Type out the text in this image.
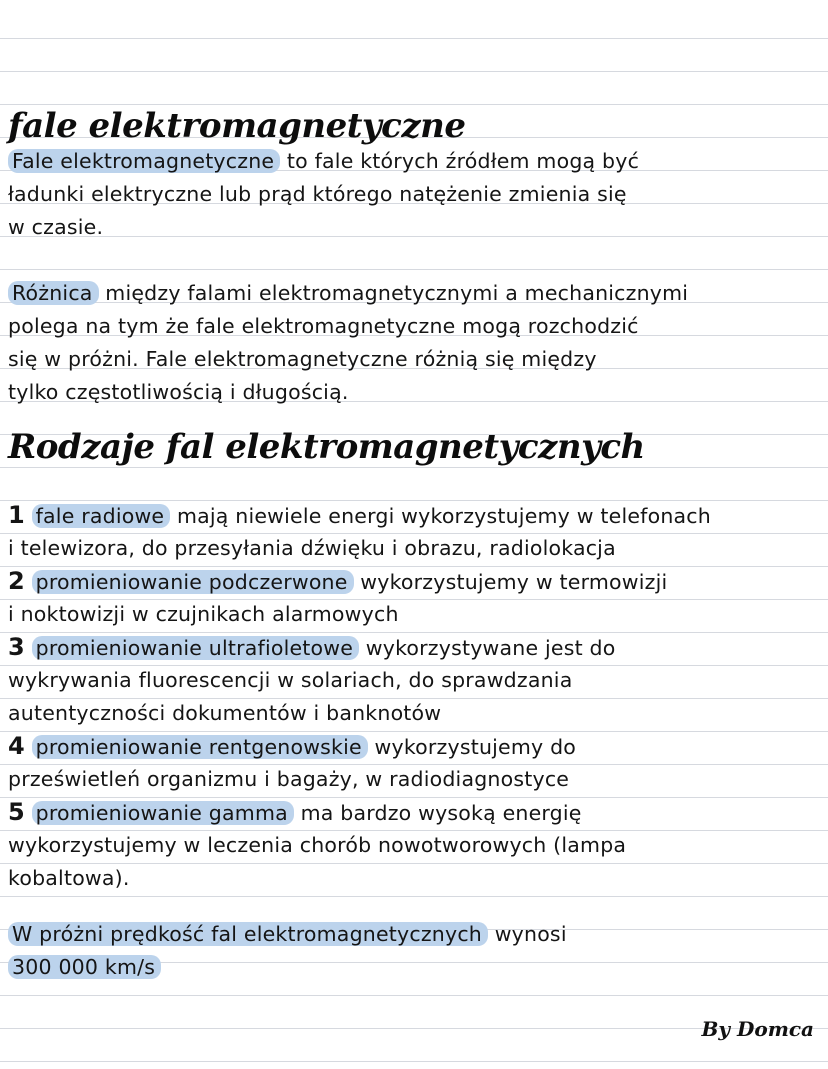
fale elektromagnetyczne
Fale elektromagnetyczne to fale których źródłem mogą być
ładunki elektryczne lub prąd którego natężenie zmienia się
w czasie.
Różnica między falami elektromagnetycznymi a mechanicznymi
polega na tym że fale elektromagnetyczne mogą rozchodzić
się w próżni. Fale elektromagnetyczne różnią się między
tylko częstotliwością i długością.
Rodzaje fal elektromagnetycznych
1 fale radiowe mają niewiele energi wykorzystujemy w telefonach
i telewizora, do przesyłania dźwięku i obrazu, radiolokacja
2 promieniowanie podczerwone wykorzystujemy w termowizji
i noktowizji w czujnikach alarmowych
3 promieniowanie ultrafioletowe wykorzystywane jest do
wykrywania fluorescencji w solariach, do sprawdzania
autentyczności dokumentów i banknotów
4 promieniowanie rentgenowskie wykorzystujemy do
prześwietleń organizmu i bagaży, w radiodiagnostyce
5 promieniowanie gamma ma bardzo wysoką energię
wykorzystujemy w leczenia chorób nowotworowych (lampa
kobaltowa).
W próżni prędkość fal elektromagnetycznych wynosi
300 000 km/s
By Domca
